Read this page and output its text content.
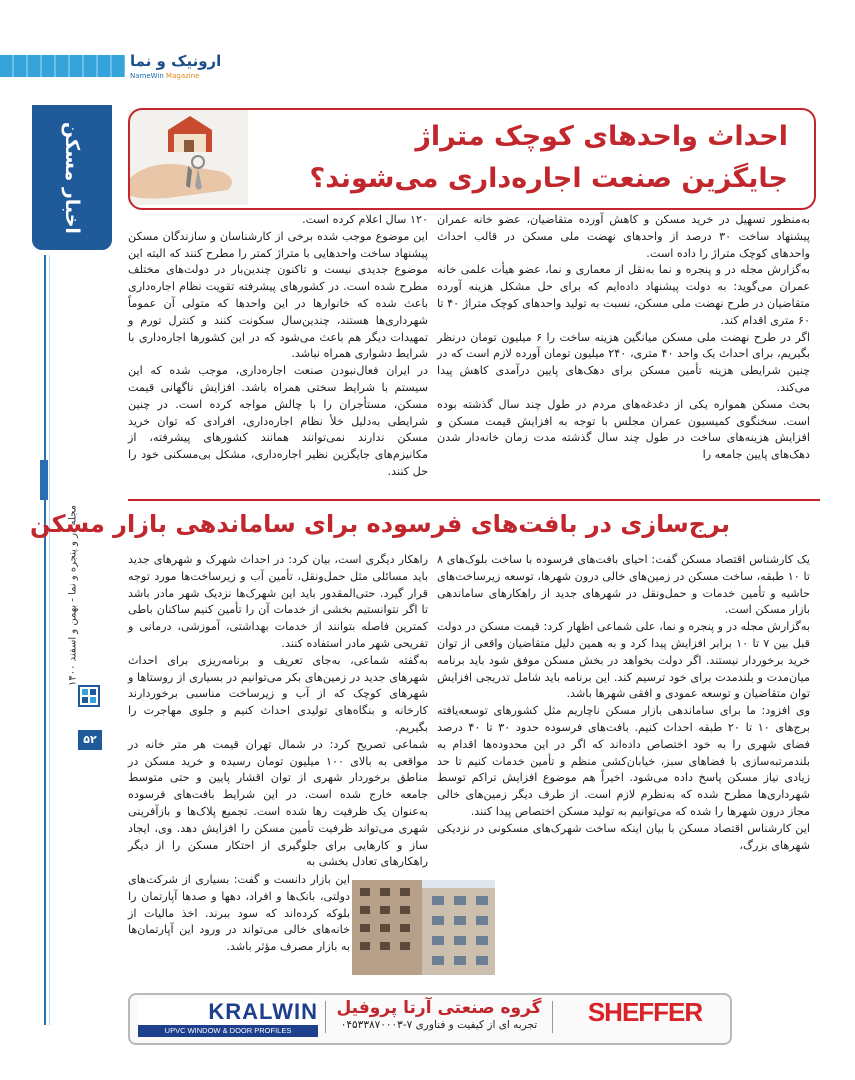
ارونیک و نما
NameWin Magazine
اخبار مسکن
مجله در و پنجره و نما - بهمن و اسفند ۱۴۰۰
۵۲
احداث واحدهای کوچک متراژ
جایگزین صنعت اجاره‌داری می‌شوند؟

به‌منظور تسهیل در خرید مسکن و کاهش آورده متقاضیان، عضو خانه عمران پیشنهاد ساخت ۳۰ درصد از واحدهای نهضت ملی مسکن در قالب احداث واحدهای کوچک متراژ را داده است.

به‌گزارش مجله در و پنجره و نما به‌نقل از معماری و نما، عضو هیأت علمی خانه عمران می‌گوید: به دولت پیشنهاد داده‌ایم که برای حل مشکل هزینه آورده متقاضیان در طرح نهضت ملی مسکن، نسبت به تولید واحدهای کوچک متراژ ۴۰ تا ۶۰ متری اقدام کند.

اگر در طرح نهضت ملی مسکن میانگین هزینه ساخت را ۶ میلیون تومان درنظر بگیریم، برای احداث یک واحد ۴۰ متری، ۲۴۰ میلیون تومان آورده لازم است که در چنین شرایطی هزینه تأمین مسکن برای دهک‌های پایین درآمدی کاهش پیدا می‌کند.

بحث مسکن همواره یکی از دغدغه‌های مردم در طول چند سال گذشته بوده است. سخنگوی کمیسیون عمران مجلس با توجه به افزایش قیمت مسکن و افزایش هزینه‌های ساخت در طول چند سال گذشته مدت زمان خانه‌دار شدن دهک‌های پایین جامعه را

۱۲۰ سال اعلام کرده است.

این موضوع موجب شده برخی از کارشناسان و سازندگان مسکن پیشنهاد ساخت واحدهایی با متراژ کمتر را مطرح کنند که البته این موضوع جدیدی نیست و تاکنون چندین‌بار در دولت‌های مختلف مطرح شده است. در کشورهای پیشرفته تقویت نظام اجاره‌داری باعث شده که خانوارها در این واحدها که متولی آن عموماً شهرداری‌ها هستند، چندین‌سال سکونت کنند و کنترل تورم و تمهیدات دیگر هم باعث می‌شود که در این کشورها اجاره‌داری با شرایط دشواری همراه نباشد.

در ایران فعال‌نبودن صنعت اجاره‌داری، موجب شده که این سیستم با شرایط سختی همراه باشد. افزایش ناگهانی قیمت مسکن، مستأجران را با چالش مواجه کرده است. در چنین شرایطی به‌دلیل خلأ نظام اجاره‌داری، افرادی که توان خرید مسکن ندارند نمی‌توانند همانند کشورهای پیشرفته، از مکانیزم‌های جایگزین نظیر اجاره‌داری، مشکل بی‌مسکنی خود را حل کنند.

برج‌سازی در بافت‌های فرسوده برای ساماندهی بازار مسکن

یک کارشناس اقتصاد مسکن گفت: احیای بافت‌های فرسوده با ساخت بلوک‌های ۸ تا ۱۰ طبقه، ساخت مسکن در زمین‌های خالی درون شهرها، توسعه زیرساخت‌های حاشیه و تأمین خدمات و حمل‌ونقل در شهرهای جدید از راهکارهای ساماندهی بازار مسکن است.

به‌گزارش مجله در و پنجره و نما، علی شماعی اظهار کرد: قیمت مسکن در دولت قبل بین ۷ تا ۱۰ برابر افزایش پیدا کرد و به همین دلیل متقاضیان واقعی از توان خرید برخوردار نیستند. اگر دولت بخواهد در بخش مسکن موفق شود باید برنامه میان‌مدت و بلندمدت برای خود ترسیم کند. این برنامه باید شامل تدریجی افزایش توان متقاضیان و توسعه عمودی و افقی شهرها باشد.

وی افزود: ما برای ساماندهی بازار مسکن ناچاریم مثل کشورهای توسعه‌یافته برج‌های ۱۰ تا ۲۰ طبقه احداث کنیم. بافت‌های فرسوده حدود ۳۰ تا ۴۰ درصد فضای شهری را به خود اختصاص داده‌اند که اگر در این محدوده‌ها اقدام به بلندمرتبه‌سازی با فضاهای سبز، خیابان‌کشی منظم و تأمین خدمات کنیم تا حد زیادی نیاز مسکن پاسخ داده می‌شود. اخیراً هم موضوع افزایش تراکم توسط شهرداری‌ها مطرح شده که به‌نظرم لازم است. از طرف دیگر زمین‌های خالی مجاز درون شهرها را شده که می‌توانیم به تولید مسکن اختصاص پیدا کنند.

این کارشناس اقتصاد مسکن با بیان اینکه ساخت شهرک‌های مسکونی در نزدیکی شهرهای بزرگ،

راهکار دیگری است، بیان کرد: در احداث شهرک و شهرهای جدید باید مسائلی مثل حمل‌ونقل، تأمین آب و زیرساخت‌ها مورد توجه قرار گیرد. حتی‌المقدور باید این شهرک‌ها نزدیک شهر مادر باشد تا اگر نتوانستیم بخشی از خدمات آن را تأمین کنیم ساکنان باطی کمترین فاصله بتوانند از خدمات بهداشتی، آموزشی، درمانی و تفریحی شهر مادر استفاده کنند.

به‌گفته شماعی، به‌جای تعریف و برنامه‌ریزی برای احداث شهرهای جدید در زمین‌های بکر می‌توانیم در بسیاری از روستاها و شهرهای کوچک که از آب و زیرساخت مناسبی برخوردارند کارخانه و بنگاه‌های تولیدی احداث کنیم و جلوی مهاجرت را بگیریم.

شماعی تصریح کرد: در شمال تهران قیمت هر متر خانه در مواقعی به بالای ۱۰۰ میلیون تومان رسیده و خرید مسکن در مناطق برخوردار شهری از توان اقشار پایین و حتی متوسط جامعه خارج شده است. در این شرایط بافت‌های فرسوده به‌عنوان یک ظرفیت رها شده است. تجمیع پلاک‌ها و بازآفرینی شهری می‌تواند ظرفیت تأمین مسکن را افزایش دهد. وی، ایجاد ساز و کارهایی برای جلوگیری از احتکار مسکن را از دیگر راهکارهای تعادل بخشی به

این بازار دانست و گفت: بسیاری از شرکت‌های دولتی، بانک‌ها و افراد، دهها و صدها آپارتمان را بلوکه کرده‌اند که سود ببرند. اخذ مالیات از خانه‌های خالی می‌تواند در ورود این آپارتمان‌ها به بازار مصرف مؤثر باشد.

KRALWIN
UPVC WINDOW & DOOR PROFILES
گروه صنعتی آرتا پروفیل
تجربه ای از کیفیت و فناوری ۷-۰۴۵۳۳۸۷۰۰۰۳	SHEFFER
